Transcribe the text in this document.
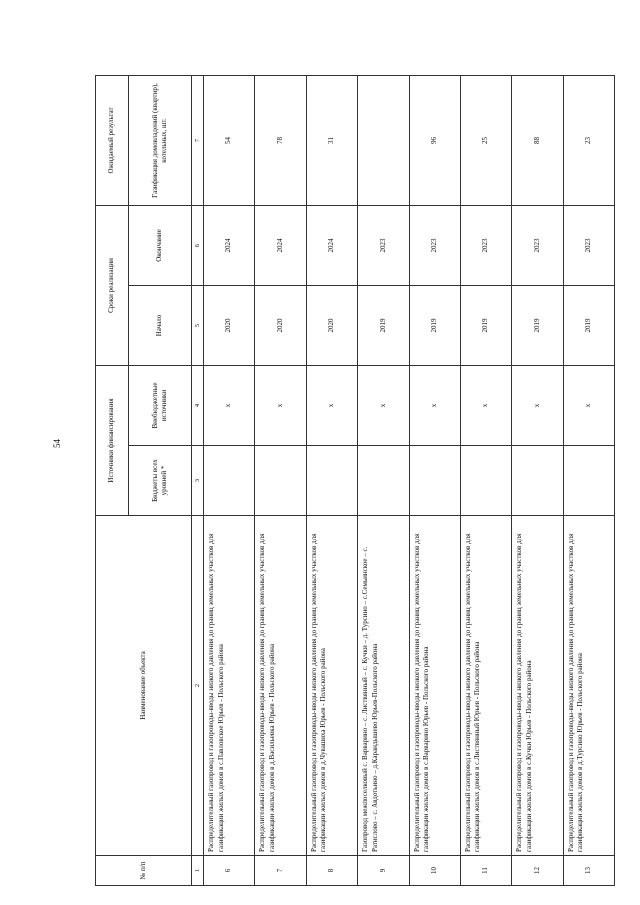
54
№ п/п	Наименование объекта	Источники финансирования		Сроки реализации		Ожидаемый результат
		Бюджеты всех уровней *	Внебюджетные источники	Начало	Окончание	Газификация домовладений (квартир), котельных, шт.
1	2	3	4	5	6	7
6	Распределительный газопровод и газопроводы-вводы низкого давления до границ земельных участков для газификации жилых домов в с.Павловское Юрьев - Польского района		x	2020	2024	54
7	Распределительный газопровод и газопроводы-вводы низкого давления до границ земельных участков для газификации жилых домов в д.Васильевка Юрьев - Польского района		x	2020	2024	78
8	Распределительный газопровод и газопроводы-вводы низкого давления до границ земельных участков для газификации жилых домов в д.Чувашиха Юрьев - Польского района		x	2020	2024	31
9	Газопровод межпоселковый с. Варварино – с. Листвянный – с. Кучки – д. Турсино – с.Семьинское – с. Ратислово – с. Авдотьино – д.Карандышево Юрьев-Польского района		x	2019	2023	
10	Распределительный газопровод и газопроводы-вводы низкого давления до границ земельных участков для газификации жилых домов в с.Варварино Юрьев - Польского района		x	2019	2023	96
11	Распределительный газопровод и газопроводы-вводы низкого давления до границ земельных участков для газификации жилых домов в с.Листвянный Юрьев - Польского района		x	2019	2023	25
12	Распределительный газопровод и газопроводы-вводы низкого давления до границ земельных участков для газификации жилых домов в с.Кучки Юрьев - Польского района		x	2019	2023	88
13	Распределительный газопровод и газопроводы-вводы низкого давления до границ земельных участков для газификации жилых домов в д.Турсино Юрьев - Польского района		x	2019	2023	23
